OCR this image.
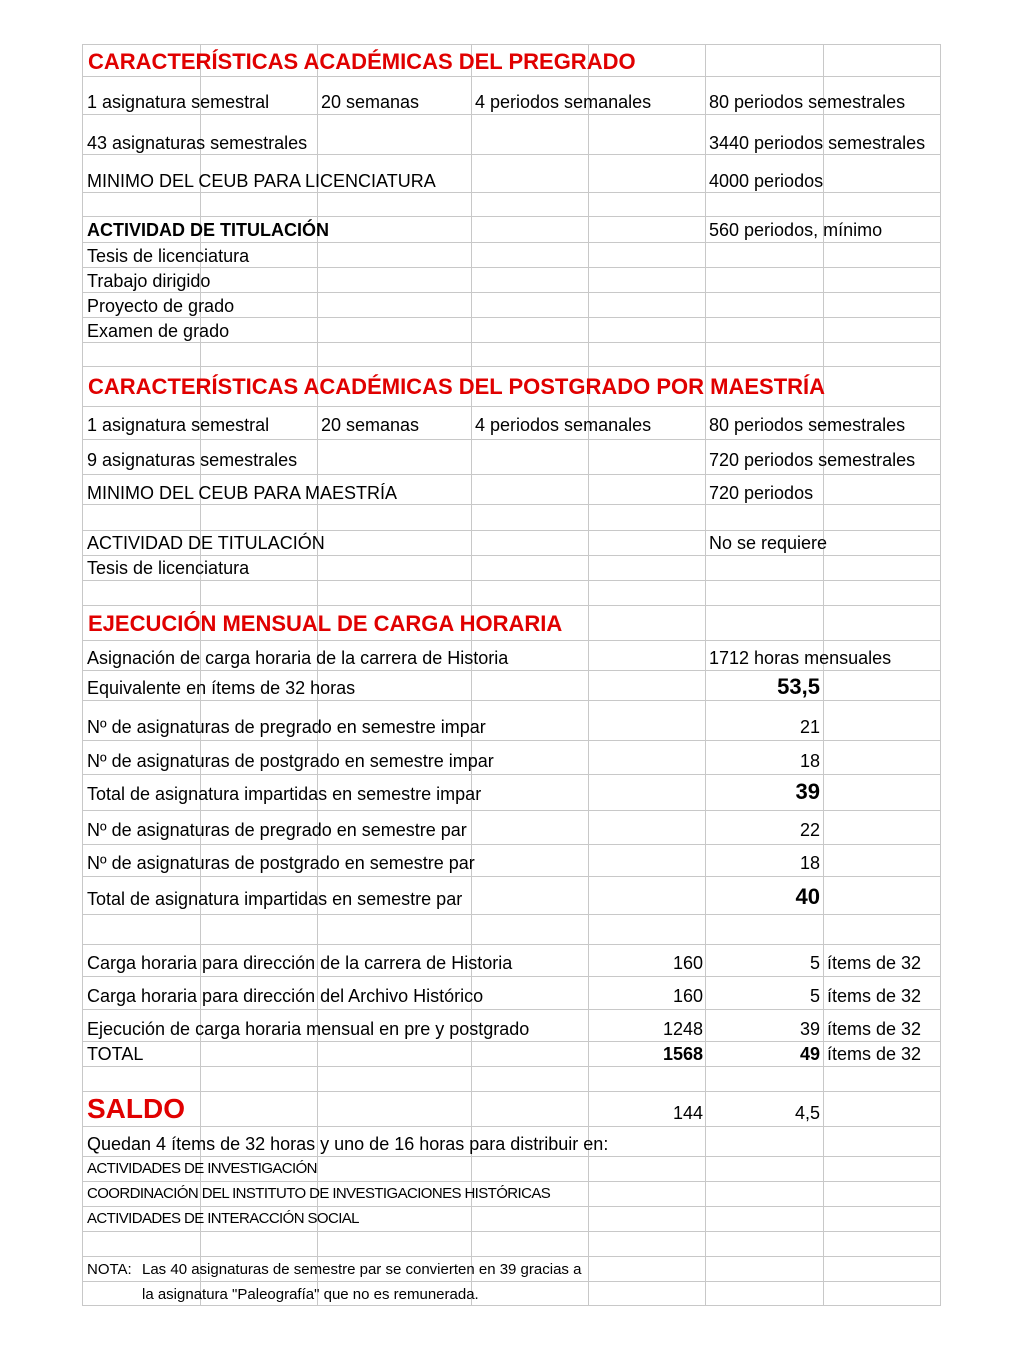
CARACTERÍSTICAS ACADÉMICAS DEL PREGRADO
1 asignatura semestral	20 semanas	4 periodos semanales	80 periodos semestrales
43 asignaturas semestrales	3440 periodos semestrales
MINIMO DEL CEUB PARA LICENCIATURA	4000 periodos
ACTIVIDAD DE TITULACIÓN	560 periodos, mínimo
Tesis de licenciatura
Trabajo dirigido
Proyecto de grado
Examen de grado
CARACTERÍSTICAS ACADÉMICAS DEL POSTGRADO POR MAESTRÍA
1 asignatura semestral	20 semanas	4 periodos semanales	80 periodos semestrales
9 asignaturas semestrales	720 periodos semestrales
MINIMO DEL CEUB PARA MAESTRÍA	720 periodos
ACTIVIDAD DE TITULACIÓN	No se requiere
Tesis de licenciatura
EJECUCIÓN MENSUAL DE CARGA HORARIA
Asignación de carga horaria de la carrera de Historia	1712 horas mensuales
Equivalente en ítems de 32 horas	53,5
Nº de asignaturas de pregrado en semestre impar	21
Nº de asignaturas de postgrado en semestre impar	18
Total de asignatura impartidas en semestre impar	39
Nº de asignaturas de pregrado en semestre par	22
Nº de asignaturas de postgrado en semestre par	18
Total de asignatura impartidas en semestre par	40
Carga horaria para dirección de la carrera de Historia	160	5 ítems de 32
Carga horaria para dirección del Archivo Histórico	160	5 ítems de 32
Ejecución de carga horaria mensual en pre y postgrado	1248	39 ítems de 32
TOTAL	1568	49 ítems de 32
SALDO	144	4,5
Quedan 4 ítems de 32 horas y uno de 16 horas para distribuir en:
ACTIVIDADES DE INVESTIGACIÓN
COORDINACIÓN DEL INSTITUTO DE INVESTIGACIONES HISTÓRICAS
ACTIVIDADES DE INTERACCIÓN SOCIAL
NOTA: Las 40 asignaturas de semestre par se convierten en 39 gracias a
la asignatura "Paleografía" que no es remunerada.
